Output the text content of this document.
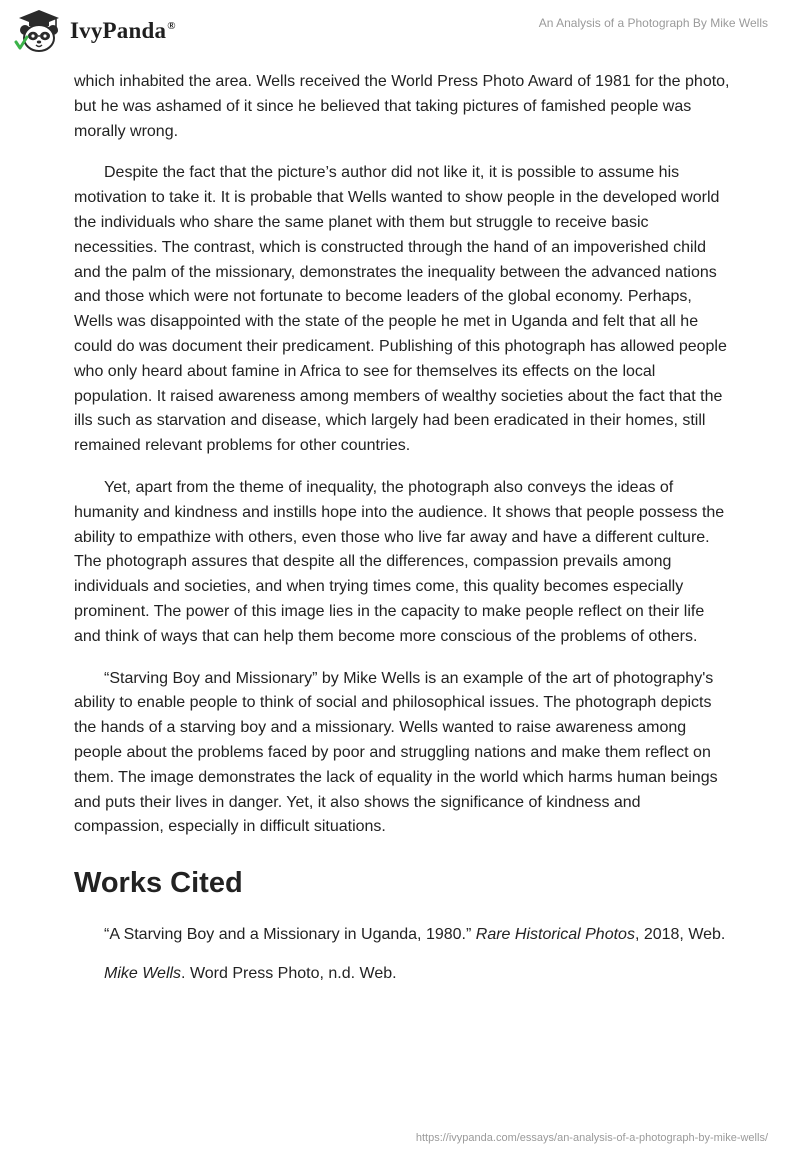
IvyPanda®	An Analysis of a Photograph By Mike Wells

which inhabited the area. Wells received the World Press Photo Award of 1981 for the photo, but he was ashamed of it since he believed that taking pictures of famished people was morally wrong.

Despite the fact that the picture’s author did not like it, it is possible to assume his motivation to take it. It is probable that Wells wanted to show people in the developed world the individuals who share the same planet with them but struggle to receive basic necessities. The contrast, which is constructed through the hand of an impoverished child and the palm of the missionary, demonstrates the inequality between the advanced nations and those which were not fortunate to become leaders of the global economy. Perhaps, Wells was disappointed with the state of the people he met in Uganda and felt that all he could do was document their predicament. Publishing of this photograph has allowed people who only heard about famine in Africa to see for themselves its effects on the local population. It raised awareness among members of wealthy societies about the fact that the ills such as starvation and disease, which largely had been eradicated in their homes, still remained relevant problems for other countries.

Yet, apart from the theme of inequality, the photograph also conveys the ideas of humanity and kindness and instills hope into the audience. It shows that people possess the ability to empathize with others, even those who live far away and have a different culture. The photograph assures that despite all the differences, compassion prevails among individuals and societies, and when trying times come, this quality becomes especially prominent. The power of this image lies in the capacity to make people reflect on their life and think of ways that can help them become more conscious of the problems of others.

“Starving Boy and Missionary” by Mike Wells is an example of the art of photography's ability to enable people to think of social and philosophical issues. The photograph depicts the hands of a starving boy and a missionary. Wells wanted to raise awareness among people about the problems faced by poor and struggling nations and make them reflect on them. The image demonstrates the lack of equality in the world which harms human beings and puts their lives in danger. Yet, it also shows the significance of kindness and compassion, especially in difficult situations.

Works Cited

“A Starving Boy and a Missionary in Uganda, 1980.” Rare Historical Photos, 2018, Web.

Mike Wells. Word Press Photo, n.d. Web.

https://ivypanda.com/essays/an-analysis-of-a-photograph-by-mike-wells/
